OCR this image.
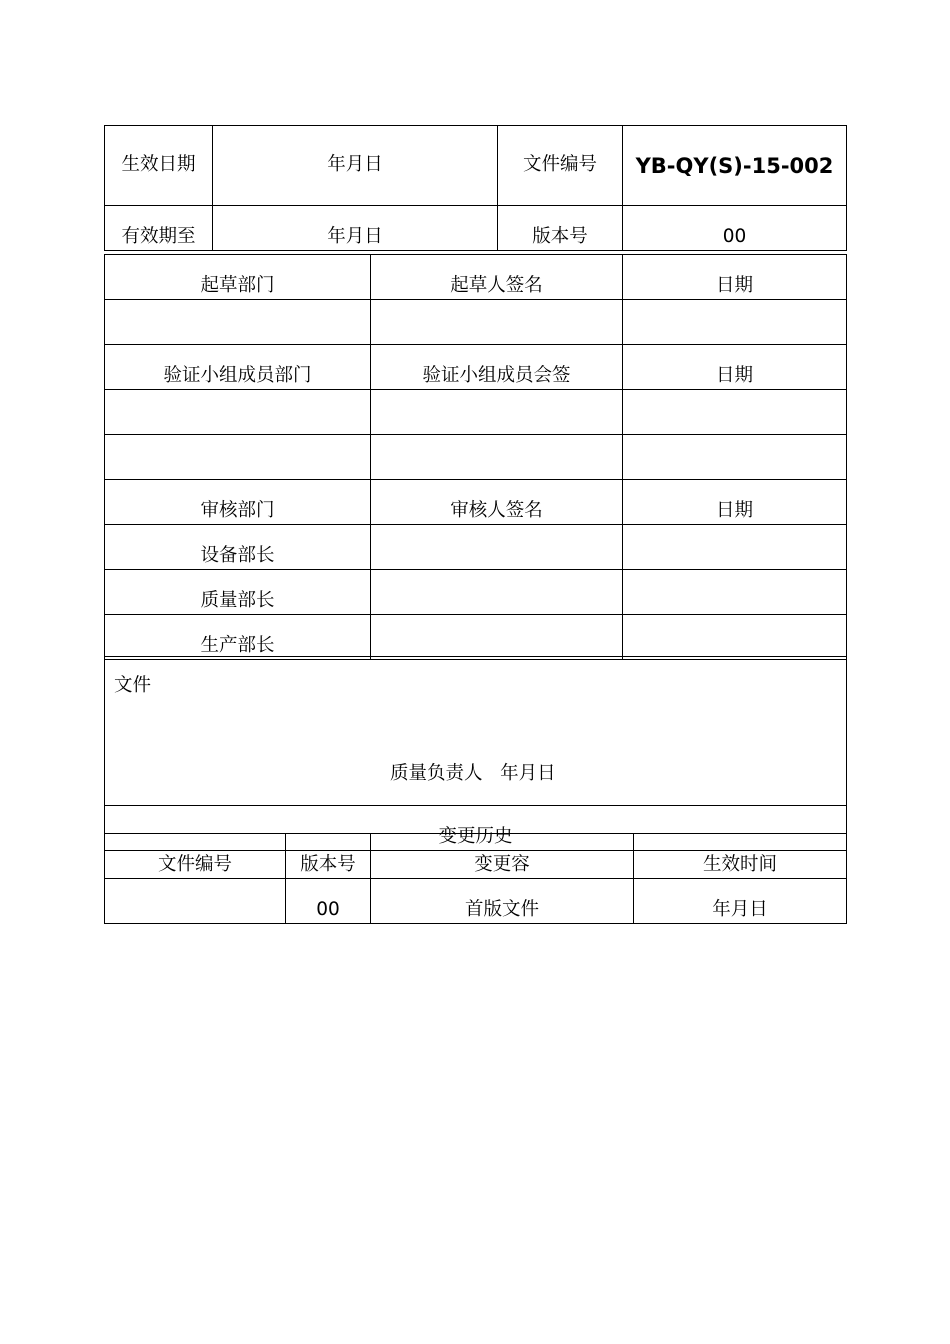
生效日期	年月日	文件编号	YB-QY(S)-15-002
有效期至	年月日	版本号	00
起草部门	起草人签名	日期

验证小组成员部门	验证小组成员会签	日期

审核部门	审核人签名	日期
设备部长		
质量部长		
生产部长		
文件
质量负责人 年月日

变更历史
文件编号	版本号	变更容	生效时间
	00	首版文件	年月日
